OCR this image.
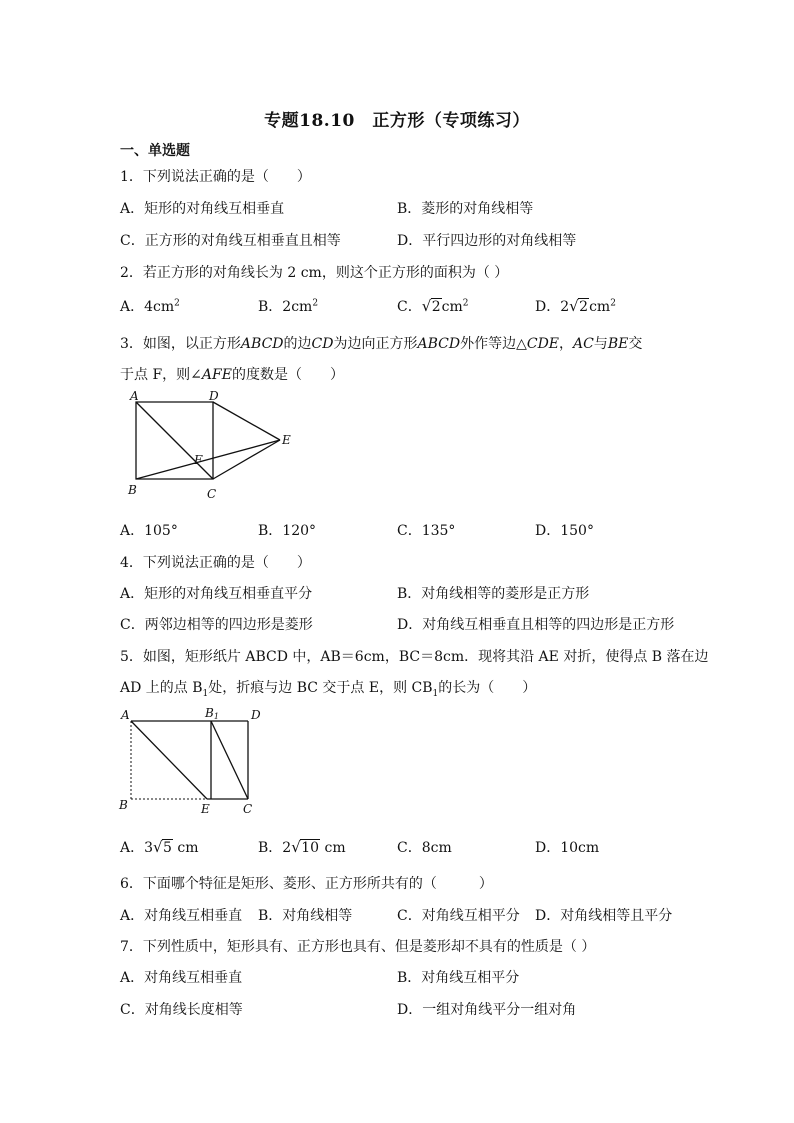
专题18.10　正方形（专项练习）
一、单选题
1．下列说法正确的是（　　）
A．矩形的对角线互相垂直	B．菱形的对角线相等
C．正方形的对角线互相垂直且相等	D．平行四边形的对角线相等
2．若正方形的对角线长为 2 cm，则这个正方形的面积为（ ）
A．$4cm^2$	B．$2cm^2$	C． √ $2cm^2$	D．2 √ $2cm^2$
3．如图，以正方形ABCD的边CD为边向正方形ABCD外作等边△CDE，AC与BE交
于点 F，则∠AFE的度数是（　　）
A	D
E
F
B	C
A．105°	B．120°	C．135°	D．150°
4．下列说法正确的是（　　）
A．矩形的对角线互相垂直平分	B．对角线相等的菱形是正方形
C．两邻边相等的四边形是菱形	D．对角线互相垂直且相等的四边形是正方形
5．如图，矩形纸片 ABCD 中，AB＝6cm，BC＝8cm．现将其沿 AE 对折，使得点 B 落在边
AD 上的点 $B_1$处，折痕与边 BC 交于点 E，则 $CB_1$的长为（　　）
A	B1	D
B	E	C
A．3 √ 5 cm	B．2 √ 10 cm	C．8cm	D．10cm
6．下面哪个特征是矩形、菱形、正方形所共有的（　　　）
A．对角线互相垂直 B．对角线相等	C．对角线互相平分 D．对角线相等且平分
7．下列性质中，矩形具有、正方形也具有、但是菱形却不具有的性质是（ ）
A．对角线互相垂直	B．对角线互相平分
C．对角线长度相等	D．一组对角线平分一组对角
